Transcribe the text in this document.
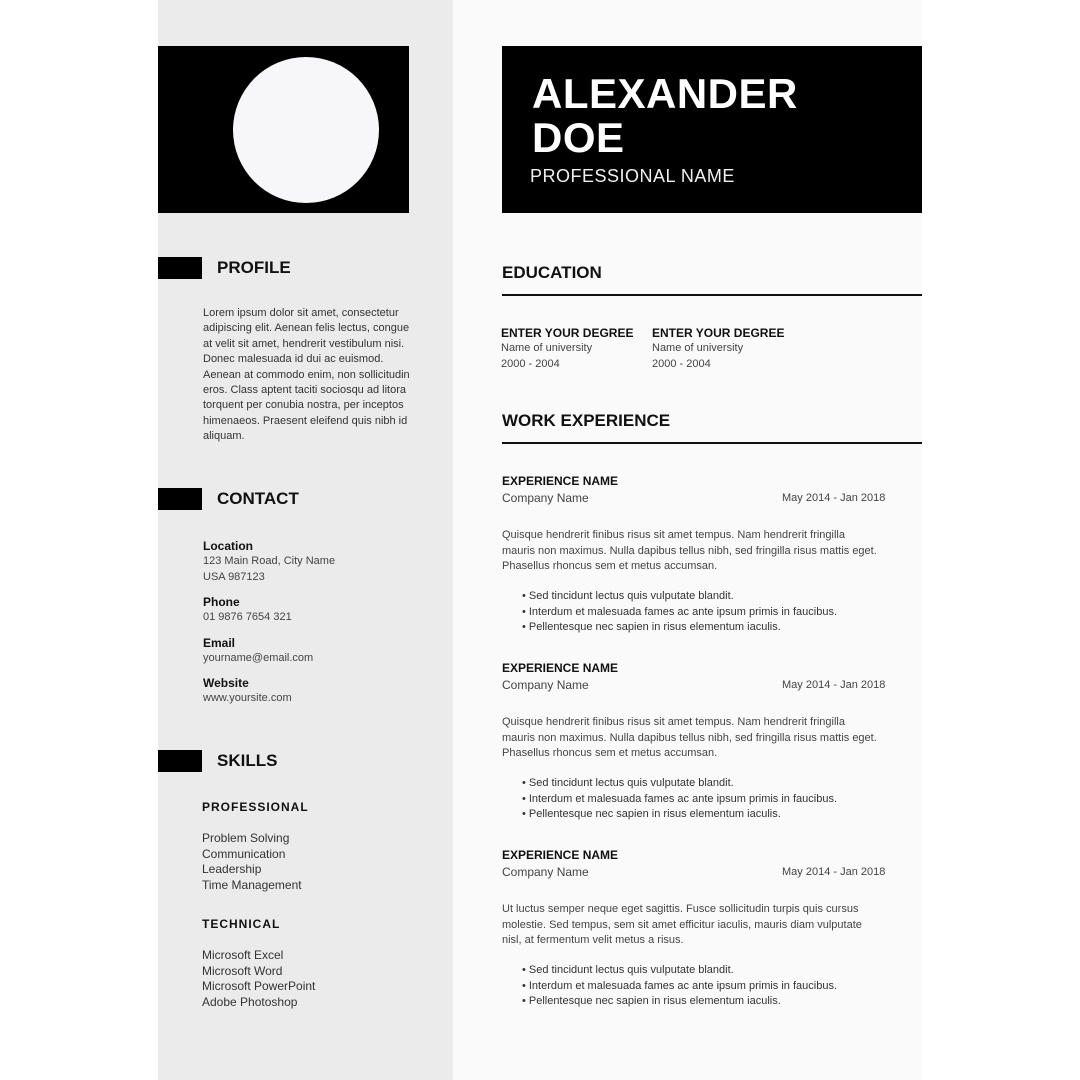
ALEXANDER
DOE
PROFESSIONAL NAME
PROFILE
Lorem ipsum dolor sit amet, consectetur adipiscing elit. Aenean felis lectus, congue at velit sit amet, hendrerit vestibulum nisi. Donec malesuada id dui ac euismod. Aenean at commodo enim, non sollicitudin eros. Class aptent taciti sociosqu ad litora torquent per conubia nostra, per inceptos himenaeos. Praesent eleifend quis nibh id aliquam.
CONTACT
Location
123 Main Road, City Name
USA 987123
Phone
01 9876 7654 321
Email
yourname@email.com
Website
www.yoursite.com
SKILLS
PROFESSIONAL
Problem Solving
Communication
Leadership
Time Management
TECHNICAL
Microsoft Excel
Microsoft Word
Microsoft PowerPoint
Adobe Photoshop
EDUCATION
ENTER YOUR DEGREE
Name of university
2000 - 2004
ENTER YOUR DEGREE
Name of university
2000 - 2004
WORK EXPERIENCE
EXPERIENCE NAME
Company Name	May 2014 - Jan 2018
Quisque hendrerit finibus risus sit amet tempus. Nam hendrerit fringilla mauris non maximus. Nulla dapibus tellus nibh, sed fringilla risus mattis eget. Phasellus rhoncus sem et metus accumsan.
• Sed tincidunt lectus quis vulputate blandit.
• Interdum et malesuada fames ac ante ipsum primis in faucibus.
• Pellentesque nec sapien in risus elementum iaculis.
EXPERIENCE NAME
Company Name	May 2014 - Jan 2018
Quisque hendrerit finibus risus sit amet tempus. Nam hendrerit fringilla mauris non maximus. Nulla dapibus tellus nibh, sed fringilla risus mattis eget. Phasellus rhoncus sem et metus accumsan.
• Sed tincidunt lectus quis vulputate blandit.
• Interdum et malesuada fames ac ante ipsum primis in faucibus.
• Pellentesque nec sapien in risus elementum iaculis.
EXPERIENCE NAME
Company Name	May 2014 - Jan 2018
Ut luctus semper neque eget sagittis. Fusce sollicitudin turpis quis cursus molestie. Sed tempus, sem sit amet efficitur iaculis, mauris diam vulputate nisl, at fermentum velit metus a risus.
• Sed tincidunt lectus quis vulputate blandit.
• Interdum et malesuada fames ac ante ipsum primis in faucibus.
• Pellentesque nec sapien in risus elementum iaculis.
